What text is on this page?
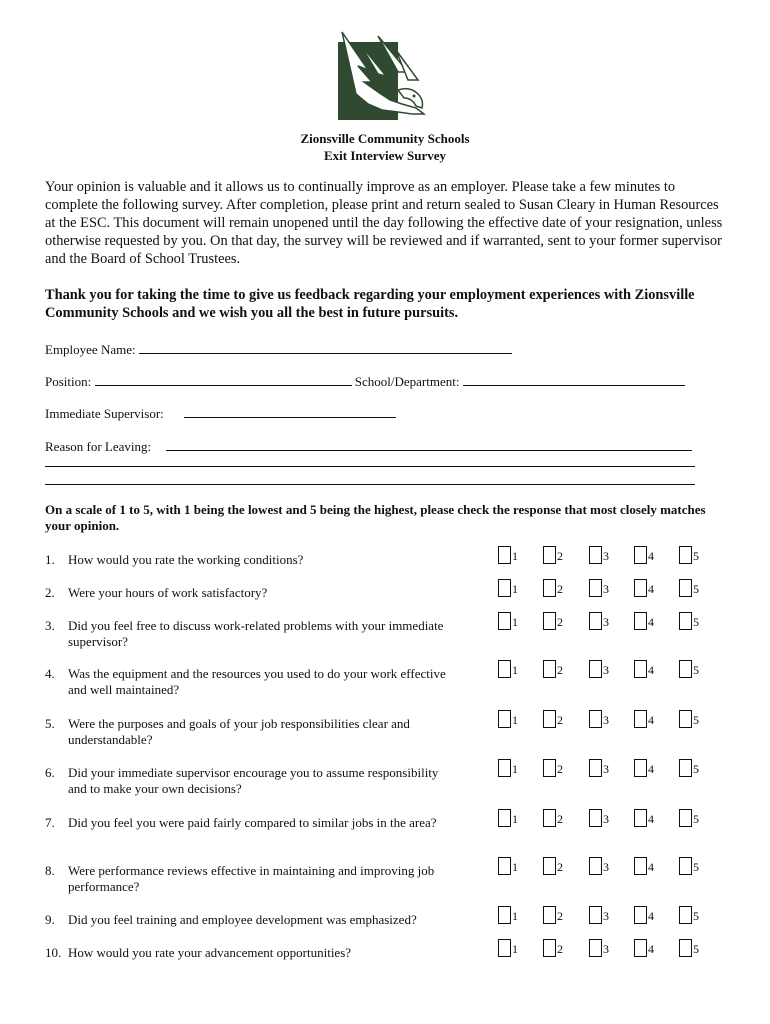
Zionsville Community Schools
Exit Interview Survey

Your opinion is valuable and it allows us to continually improve as an employer. Please take a few minutes to complete the following survey. After completion, please print and return sealed to Susan Cleary in Human Resources at the ESC. This document will remain unopened until the day following the effective date of your resignation, unless otherwise requested by you. On that day, the survey will be reviewed and if warranted, sent to your former supervisor and the Board of School Trustees.

Thank you for taking the time to give us feedback regarding your employment experiences with Zionsville Community Schools and we wish you all the best in future pursuits.

Employee Name:
Position:	School/Department:
Immediate Supervisor:
Reason for Leaving:

On a scale of 1 to 5, with 1 being the lowest and 5 being the highest, please check the response that most closely matches your opinion.

1. How would you rate the working conditions?	1	2	3	4	5
2. Were your hours of work satisfactory?	1	2	3	4	5
3. Did you feel free to discuss work-related problems with your immediate supervisor?
1	2	3	4	5
4. Was the equipment and the resources you used to do your work effective and well maintained?
1	2	3	4	5
5. Were the purposes and goals of your job responsibilities clear and understandable?
1	2	3	4	5
6. Did your immediate supervisor encourage you to assume responsibility and to make your own decisions?
1	2	3	4	5
7. Did you feel you were paid fairly compared to similar jobs in the area?	1	2	3	4	5
8. Were performance reviews effective in maintaining and improving job performance?
1	2	3	4	5
9. Did you feel training and employee development was emphasized?	1	2	3	4	5
10. How would you rate your advancement opportunities?	1	2	3	4	5
